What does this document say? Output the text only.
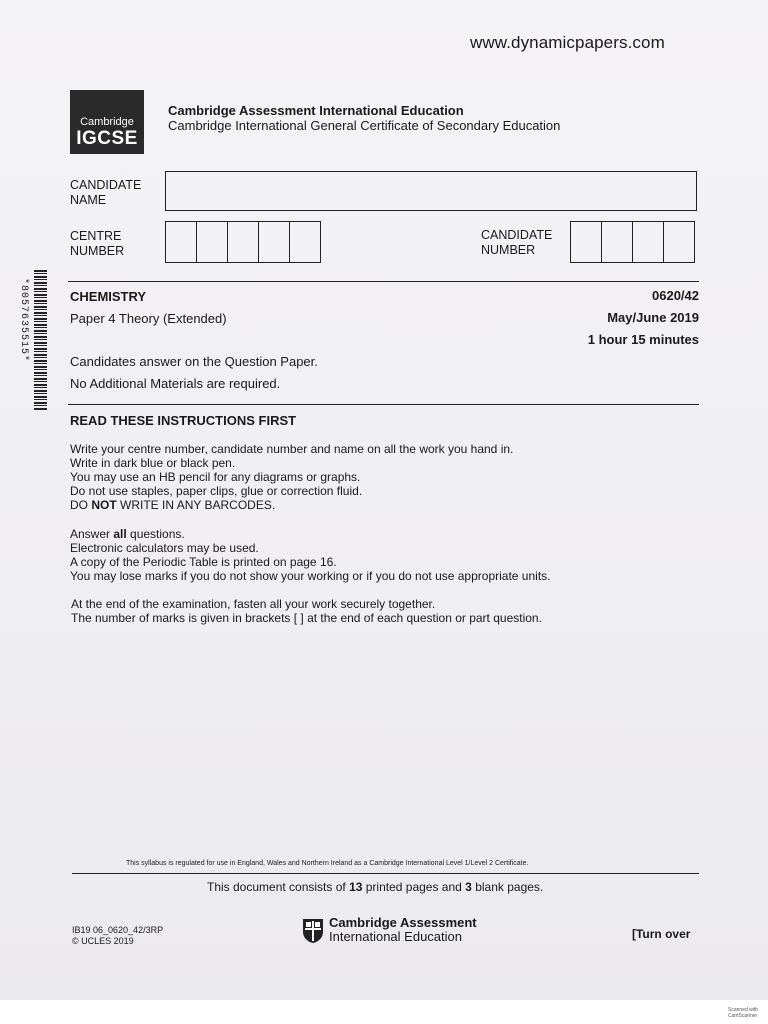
www.dynamicpapers.com
Cambridge
IGCSE
Cambridge Assessment International Education
Cambridge International General Certificate of Secondary Education
CANDIDATE
NAME
CENTRE
NUMBER
CANDIDATE
NUMBER
*8057635515*	CHEMISTRY	0620/42
Paper 4 Theory (Extended)	May/June 2019
1 hour 15 minutes
Candidates answer on the Question Paper.
No Additional Materials are required.
READ THESE INSTRUCTIONS FIRST
Write your centre number, candidate number and name on all the work you hand in.
Write in dark blue or black pen.
You may use an HB pencil for any diagrams or graphs.
Do not use staples, paper clips, glue or correction fluid.
DO NOT WRITE IN ANY BARCODES.
Answer all questions.
Electronic calculators may be used.
A copy of the Periodic Table is printed on page 16.
You may lose marks if you do not show your working or if you do not use appropriate units.
At the end of the examination, fasten all your work securely together.
The number of marks is given in brackets [ ] at the end of each question or part question.
This syllabus is regulated for use in England, Wales and Northern Ireland as a Cambridge International Level 1/Level 2 Certificate.
This document consists of 13 printed pages and 3 blank pages.
IB19 06_0620_42/3RP
© UCLES 2019
Cambridge Assessment
International Education	[Turn over
Scanned with
CamScanner
